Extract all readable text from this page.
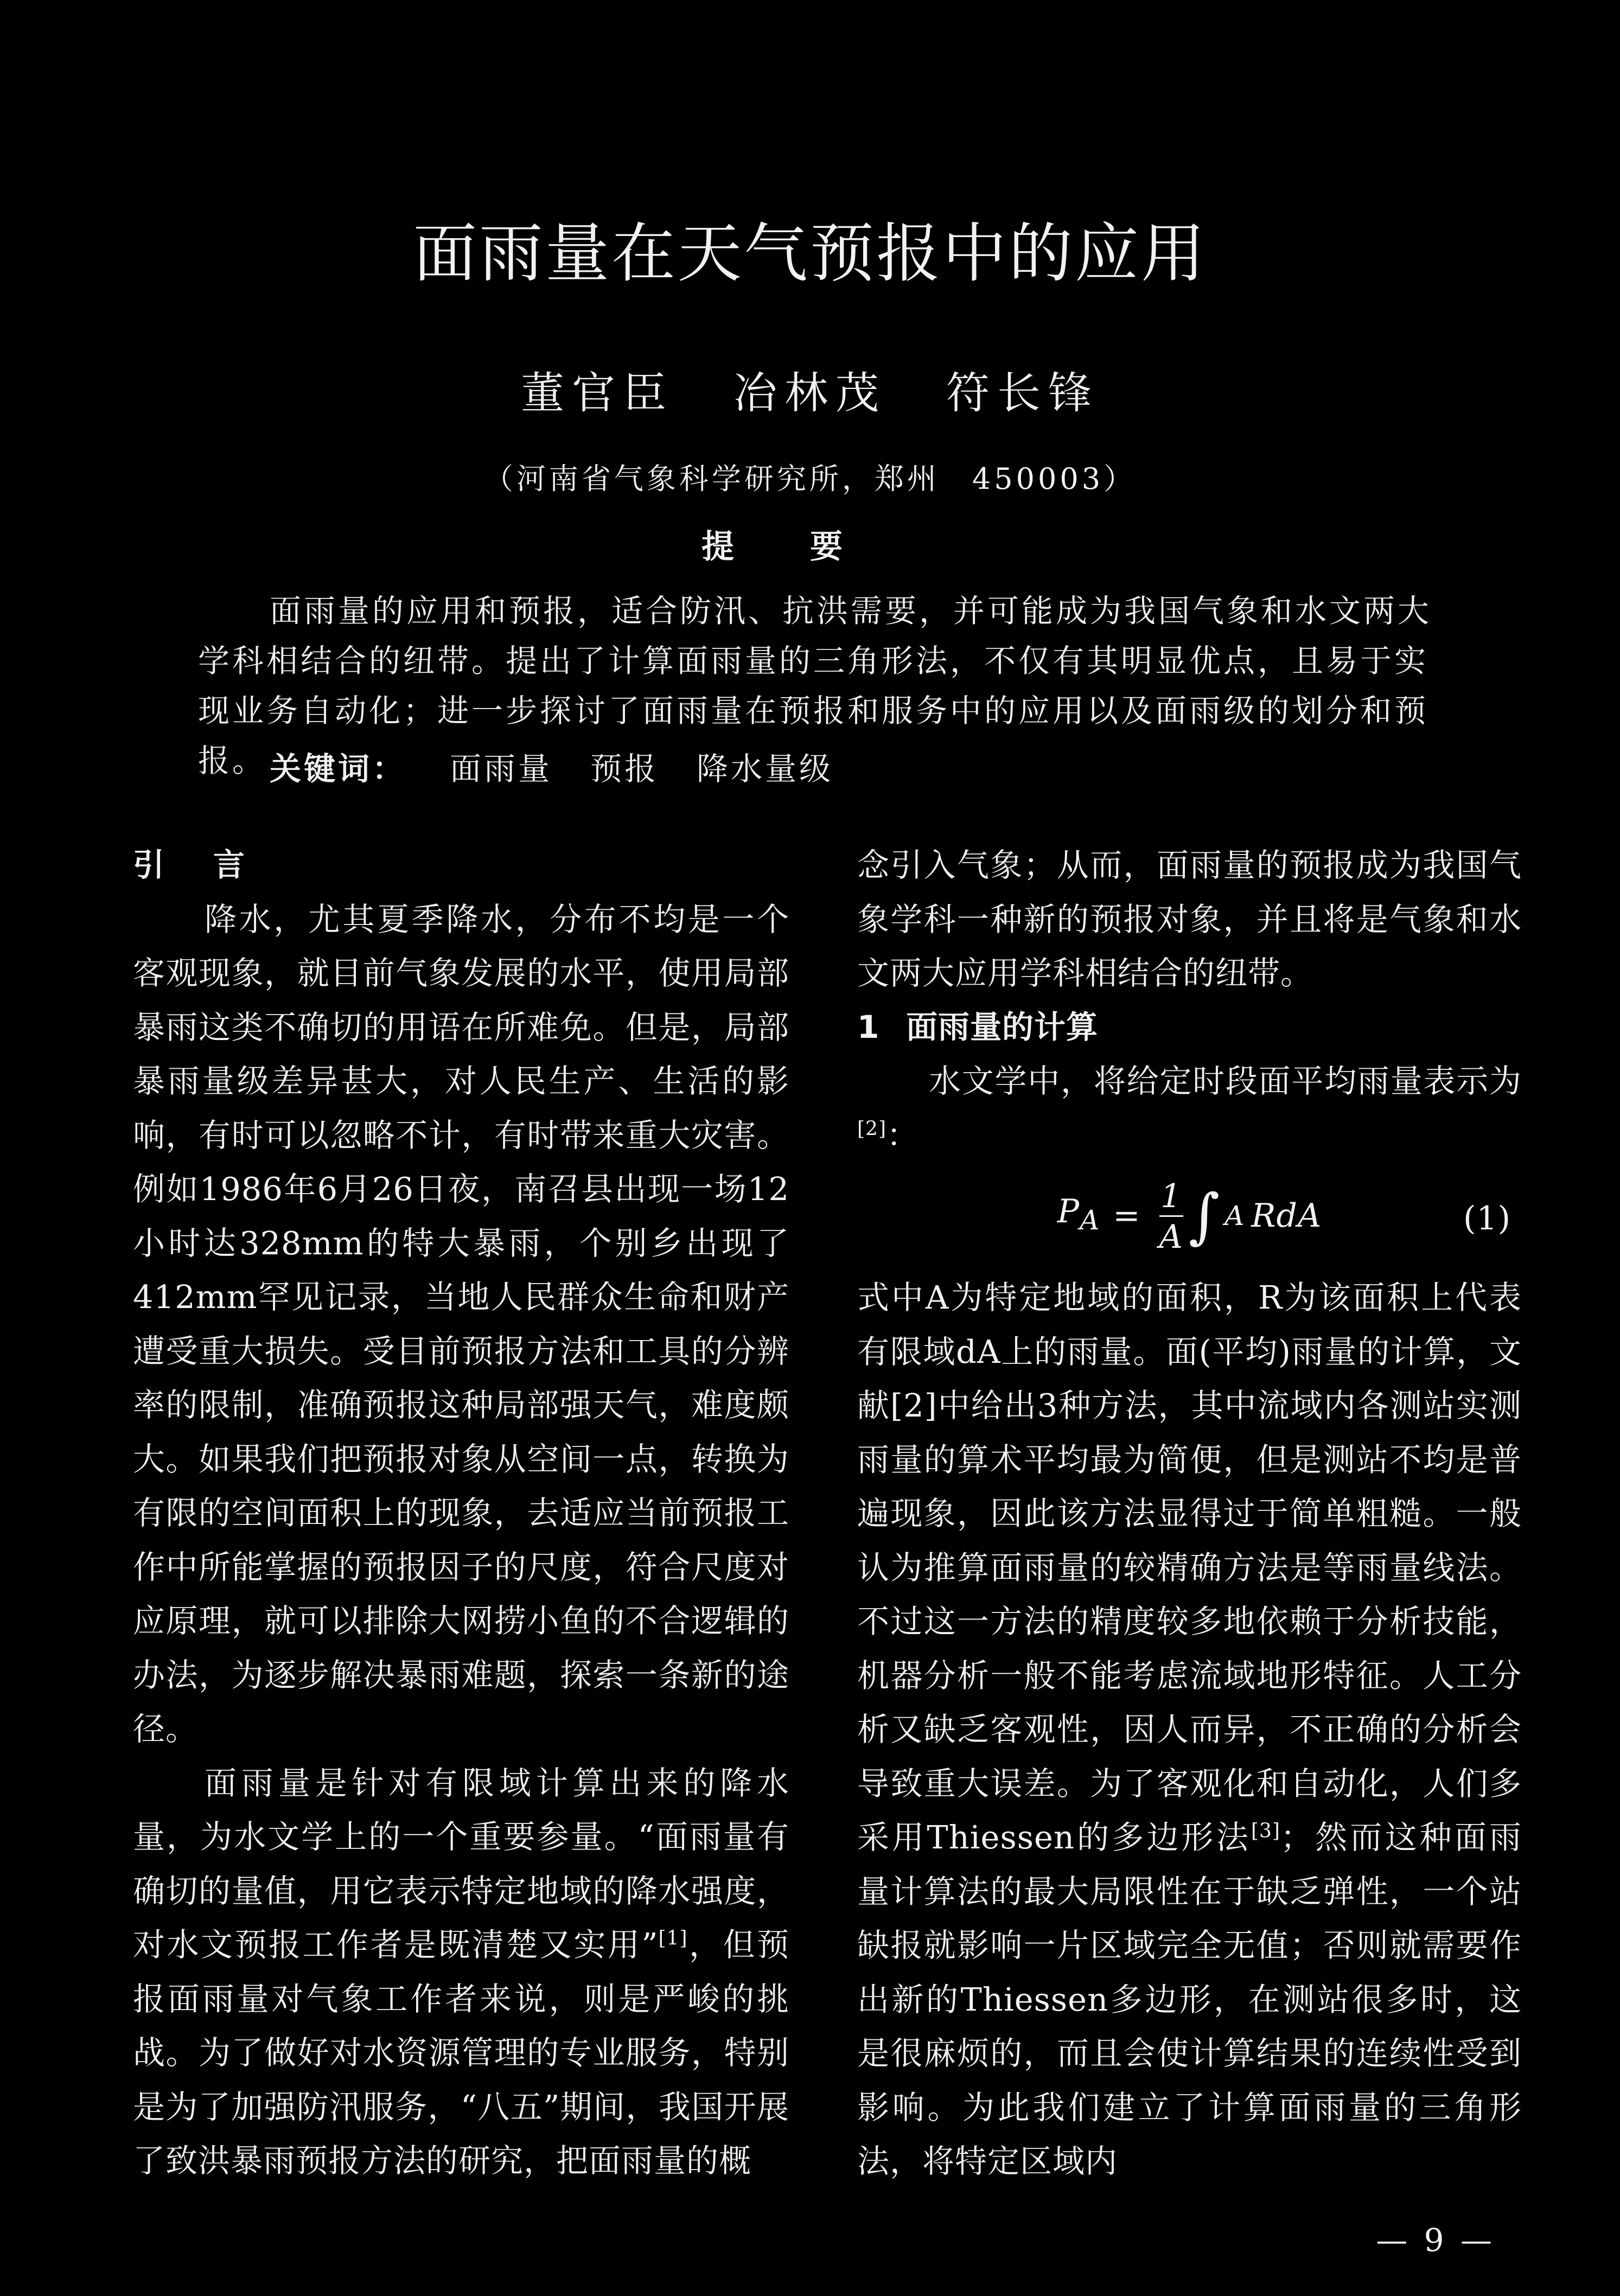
面雨量在天气预报中的应用
董官臣 冶林茂 符长锋
（河南省气象科学研究所，郑州　450003）
提要

面雨量的应用和预报，适合防汛、抗洪需要，并可能成为我国气象和水文两大学科相结合的纽带。提出了计算面雨量的三角形法，不仅有其明显优点，且易于实现业务自动化；进一步探讨了面雨量在预报和服务中的应用以及面雨级的划分和预报。 关键词： 面雨量 预报 降水量级
引言

降水，尤其夏季降水，分布不均是一个客观现象，就目前气象发展的水平，使用局部暴雨这类不确切的用语在所难免。但是，局部暴雨量级差异甚大，对人民生产、生活的影响，有时可以忽略不计，有时带来重大灾害。例如1986年6月26日夜，南召县出现一场12小时达328mm的特大暴雨，个别乡出现了412mm罕见记录，当地人民群众生命和财产遭受重大损失。受目前预报方法和工具的分辨率的限制，准确预报这种局部强天气，难度颇大。如果我们把预报对象从空间一点，转换为有限的空间面积上的现象，去适应当前预报工作中所能掌握的预报因子的尺度，符合尺度对应原理，就可以排除大网捞小鱼的不合逻辑的办法，为逐步解决暴雨难题，探索一条新的途径。

面雨量是针对有限域计算出来的降水量，为水文学上的一个重要参量。“面雨量有确切的量值，用它表示特定地域的降水强度，对水文预报工作者是既清楚又实用”[1]，但预报面雨量对气象工作者来说，则是严峻的挑战。为了做好对水资源管理的专业服务，特别是为了加强防汛服务，“八五”期间，我国开展了致洪暴雨预报方法的研究，把面雨量的概

念引入气象；从而，面雨量的预报成为我国气象学科一种新的预报对象，并且将是气象和水文两大应用学科相结合的纽带。

1 面雨量的计算

水文学中，将给定时段面平均雨量表示为[2]：

$P_A = \frac{1}{A}$ ∫ A RdA	(1)

式中A为特定地域的面积，R为该面积上代表有限域dA上的雨量。面(平均)雨量的计算，文献[2]中给出3种方法，其中流域内各测站实测雨量的算术平均最为简便，但是测站不均是普遍现象，因此该方法显得过于简单粗糙。一般认为推算面雨量的较精确方法是等雨量线法。不过这一方法的精度较多地依赖于分析技能，机器分析一般不能考虑流域地形特征。人工分析又缺乏客观性，因人而异，不正确的分析会导致重大误差。为了客观化和自动化，人们多采用Thiessen的多边形法[3]；然而这种面雨量计算法的最大局限性在于缺乏弹性，一个站缺报就影响一片区域完全无值；否则就需要作出新的Thiessen多边形，在测站很多时，这是很麻烦的，而且会使计算结果的连续性受到影响。为此我们建立了计算面雨量的三角形法，将特定区域内

— 9 —
